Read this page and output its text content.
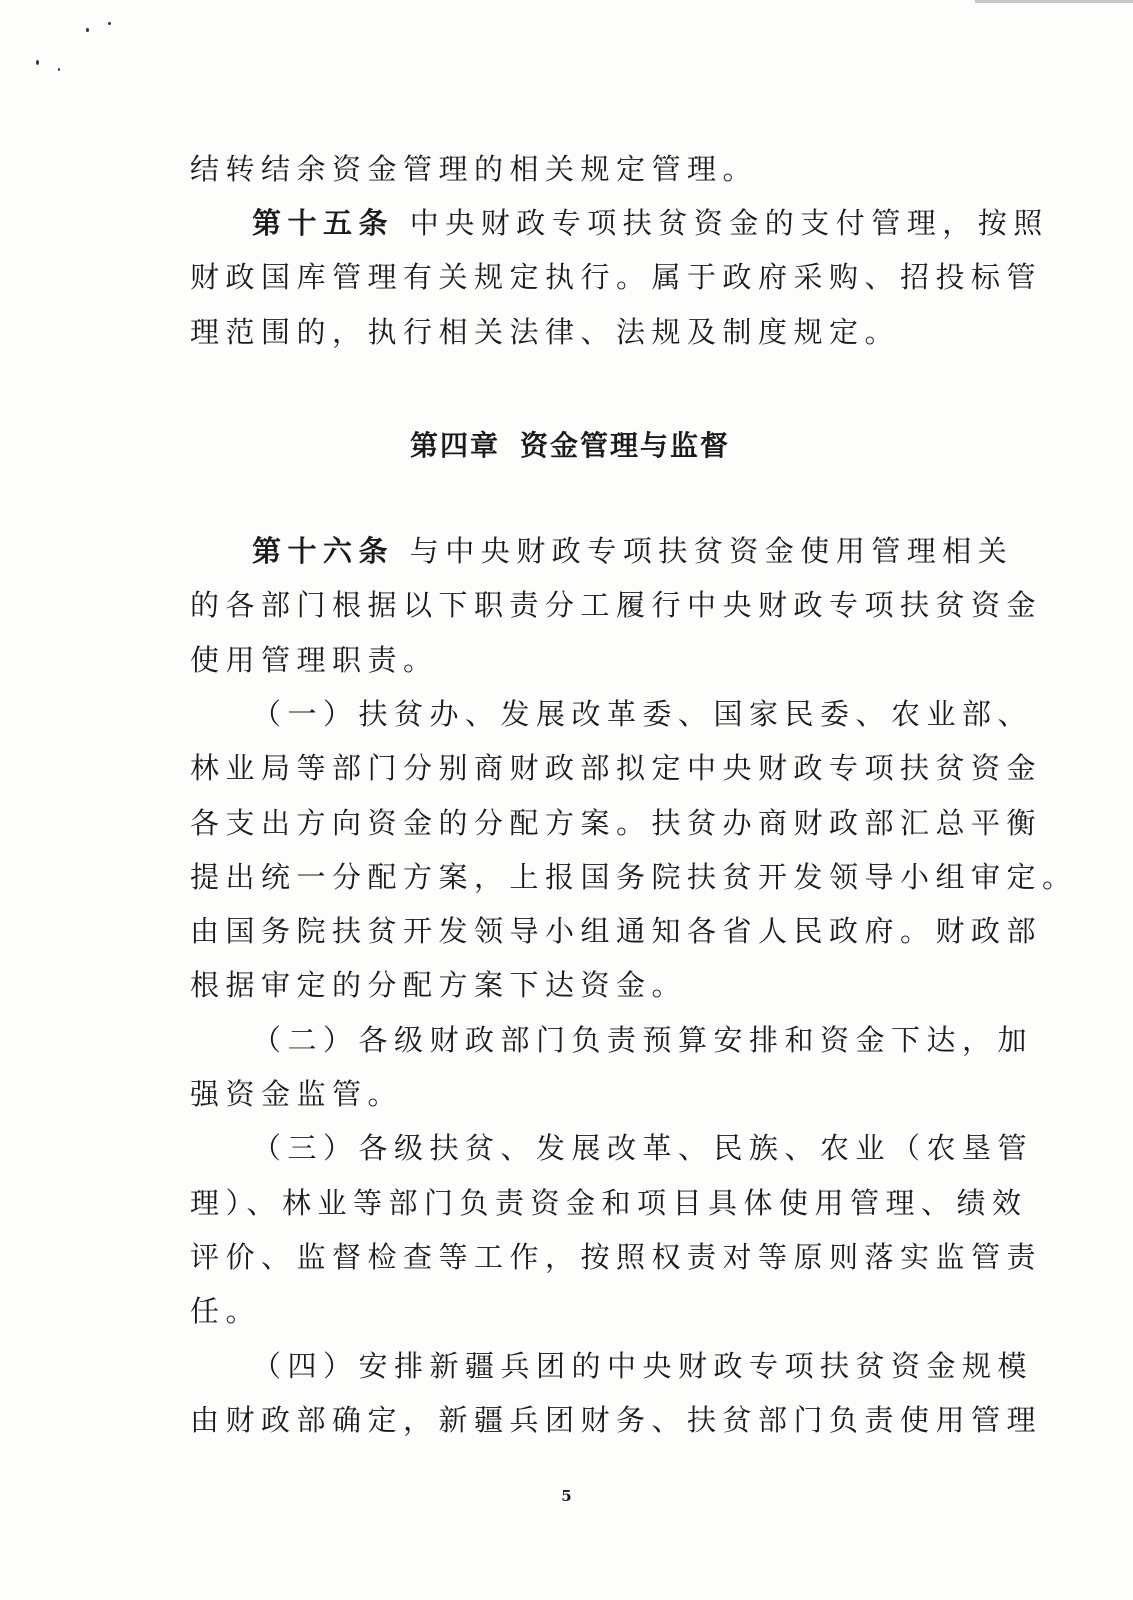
结转结余资金管理的相关规定管理。
第十五条 中央财政专项扶贫资金的支付管理，按照
财政国库管理有关规定执行。属于政府采购、招投标管
理范围的，执行相关法律、法规及制度规定。
第十六条 与中央财政专项扶贫资金使用管理相关
的各部门根据以下职责分工履行中央财政专项扶贫资金
使用管理职责。
（一）扶贫办、发展改革委、国家民委、农业部、
林业局等部门分别商财政部拟定中央财政专项扶贫资金
各支出方向资金的分配方案。扶贫办商财政部汇总平衡
提出统一分配方案，上报国务院扶贫开发领导小组审定。
由国务院扶贫开发领导小组通知各省人民政府。财政部
根据审定的分配方案下达资金。
（二）各级财政部门负责预算安排和资金下达，加
强资金监管。
（三）各级扶贫、发展改革、民族、农业（农垦管
理）、林业等部门负责资金和项目具体使用管理、绩效
评价、监督检查等工作，按照权责对等原则落实监管责
任。
（四）安排新疆兵团的中央财政专项扶贫资金规模
由财政部确定，新疆兵团财务、扶贫部门负责使用管理
第四章 资金管理与监督
5
